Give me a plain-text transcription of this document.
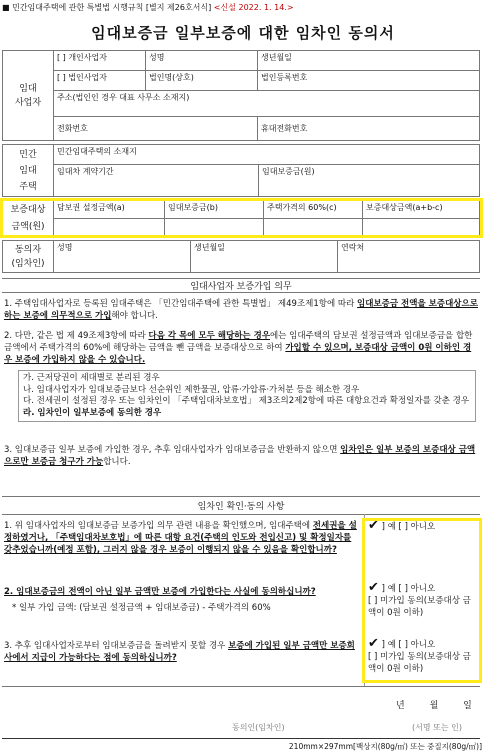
■ 민간임대주택에 관한 특별법 시행규칙 [별지 제26호서식] <신설 2022. 1. 14.>
임대보증금 일부보증에 대한 임차인 동의서
임대
사업자	[ ] 개인사업자	성명	생년월일
	[ ] 법인사업자	법인명(상호)	법인등록번호
	주소(법인인 경우 대표 사무소 소재지)		
	전화번호		휴대전화번호
민간
임대
주택	민간임대주택의 소재지	
	임대차 계약기간	임대보증금(원)
보증대상
금액(원)	담보권 설정금액(a)	임대보증금(b)	주택가격의 60%(c)	보증대상금액(a+b-c)

동의자
(임차인)	성명	생년월일	연락처
임대사업자 보증가입 의무
1. 주택임대사업자로 등록된 임대주택은 「민간임대주택에 관한 특별법」 제49조제1항에 따라 임대보증금 전액을 보증대상으로 하는 보증에 의무적으로 가입해야 합니다.
2. 다만, 같은 법 제 49조제3항에 따라 다음 각 목에 모두 해당하는 경우에는 임대주택의 담보권 설정금액과 임대보증금을 합한 금액에서 주택가격의 60%에 해당하는 금액을 뺀 금액을 보증대상으로 하여 가입할 수 있으며, 보증대상 금액이 0원 이하인 경우 보증에 가입하지 않을 수 있습니다.
가. 근저당권이 세대별로 분리된 경우
나. 임대사업자가 임대보증금보다 선순위인 제한물권, 압류·가압류·가처분 등을 해소한 경우
다. 전세권이 설정된 경우 또는 임차인이 「주택임대차보호법」 제3조의2제2항에 따른 대항요건과 확정일자를 갖춘 경우
라. 임차인이 일부보증에 동의한 경우
3. 임대보증금 일부 보증에 가입한 경우, 추후 임대사업자가 임대보증금을 반환하지 않으면 임차인은 일부 보증의 보증대상 금액으로만 보증금 청구가 가능합니다.
임차인 확인·동의 사항
1. 위 임대사업자의 임대보증금 보증가입 의무 관련 내용을 확인했으며, 임대주택에 전세권을 설정하였거나, 「주택임대차보호법」에 따른 대항 요건(주택의 인도와 전입신고) 및 확정일자를 갖추었습니까(예정 포함), 그러지 않을 경우 보증이 이행되지 않을 수 있음을 확인합니까?
✔ ] 예 [ ] 아니오
2. 임대보증금의 전액이 아닌 일부 금액만 보증에 가입한다는 사실에 동의하십니까?
* 일부 가입 금액: (담보권 설정금액 + 임대보증금) - 주택가격의 60%
✔ ] 예 [ ] 아니오
[ ] 미가입 동의(보증대상 금액이 0원 이하)
3. 추후 임대사업자로부터 임대보증금을 돌려받지 못할 경우 보증에 가입된 일부 금액만 보증회사에서 지급이 가능하다는 점에 동의하십니까?
✔ ] 예 [ ] 아니오
[ ] 미가입 동의(보증대상 금액이 0원 이하)
년	월	일
동의인(임차인)	(서명 또는 인)
210mm×297mm[백상지(80g/㎡) 또는 중질지(80g/㎡)]
